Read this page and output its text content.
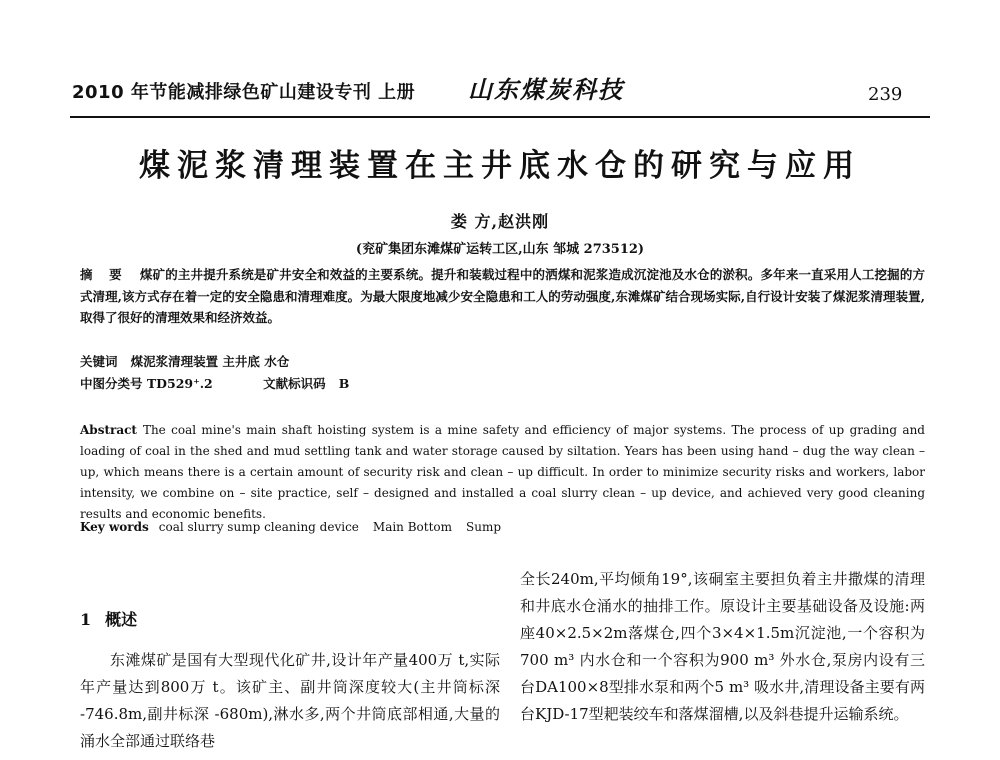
2010 年节能减排绿色矿山建设专刊 上册 山东煤炭科技	239
煤泥浆清理装置在主井底水仓的研究与应用
娄 方,赵洪刚
(兖矿集团东滩煤矿运转工区,山东 邹城 273512)
摘 要 煤矿的主井提升系统是矿井安全和效益的主要系统。提升和装载过程中的洒煤和泥浆造成沉淀池及水仓的淤积。多年来一直采用人工挖掘的方式清理,该方式存在着一定的安全隐患和清理难度。为最大限度地减少安全隐患和工人的劳动强度,东滩煤矿结合现场实际,自行设计安装了煤泥浆清理装置,取得了很好的清理效果和经济效益。
关键词 煤泥浆清理装置 主井底 水仓
中图分类号 TD529⁺.2	文献标识码 B
Abstract The coal mine's main shaft hoisting system is a mine safety and efficiency of major systems. The process of up grading and loading of coal in the shed and mud settling tank and water storage caused by siltation. Years has been using hand – dug the way clean – up, which means there is a certain amount of security risk and clean – up difficult. In order to minimize security risks and workers, labor intensity, we combine on – site practice, self – designed and installed a coal slurry clean – up device, and achieved very good cleaning results and economic benefits.
Key words coal slurry sump cleaning device Main Bottom Sump
1 概述
东滩煤矿是国有大型现代化矿井,设计年产量400万 t,实际年产量达到800万 t。该矿主、副井筒深度较大(主井筒标深 -746.8m,副井标深 -680m),淋水多,两个井筒底部相通,大量的涌水全部通过联络巷
全长240m,平均倾角19°,该硐室主要担负着主井撒煤的清理和井底水仓涌水的抽排工作。原设计主要基础设备及设施:两座40×2.5×2m落煤仓,四个3×4×1.5m沉淀池,一个容积为700 m³ 内水仓和一个容积为900 m³ 外水仓,泵房内设有三台DA100×8型排水泵和两个5 m³ 吸水井,清理设备主要有两台KJD-17型耙装绞车和落煤溜槽,以及斜巷提升运输系统。
